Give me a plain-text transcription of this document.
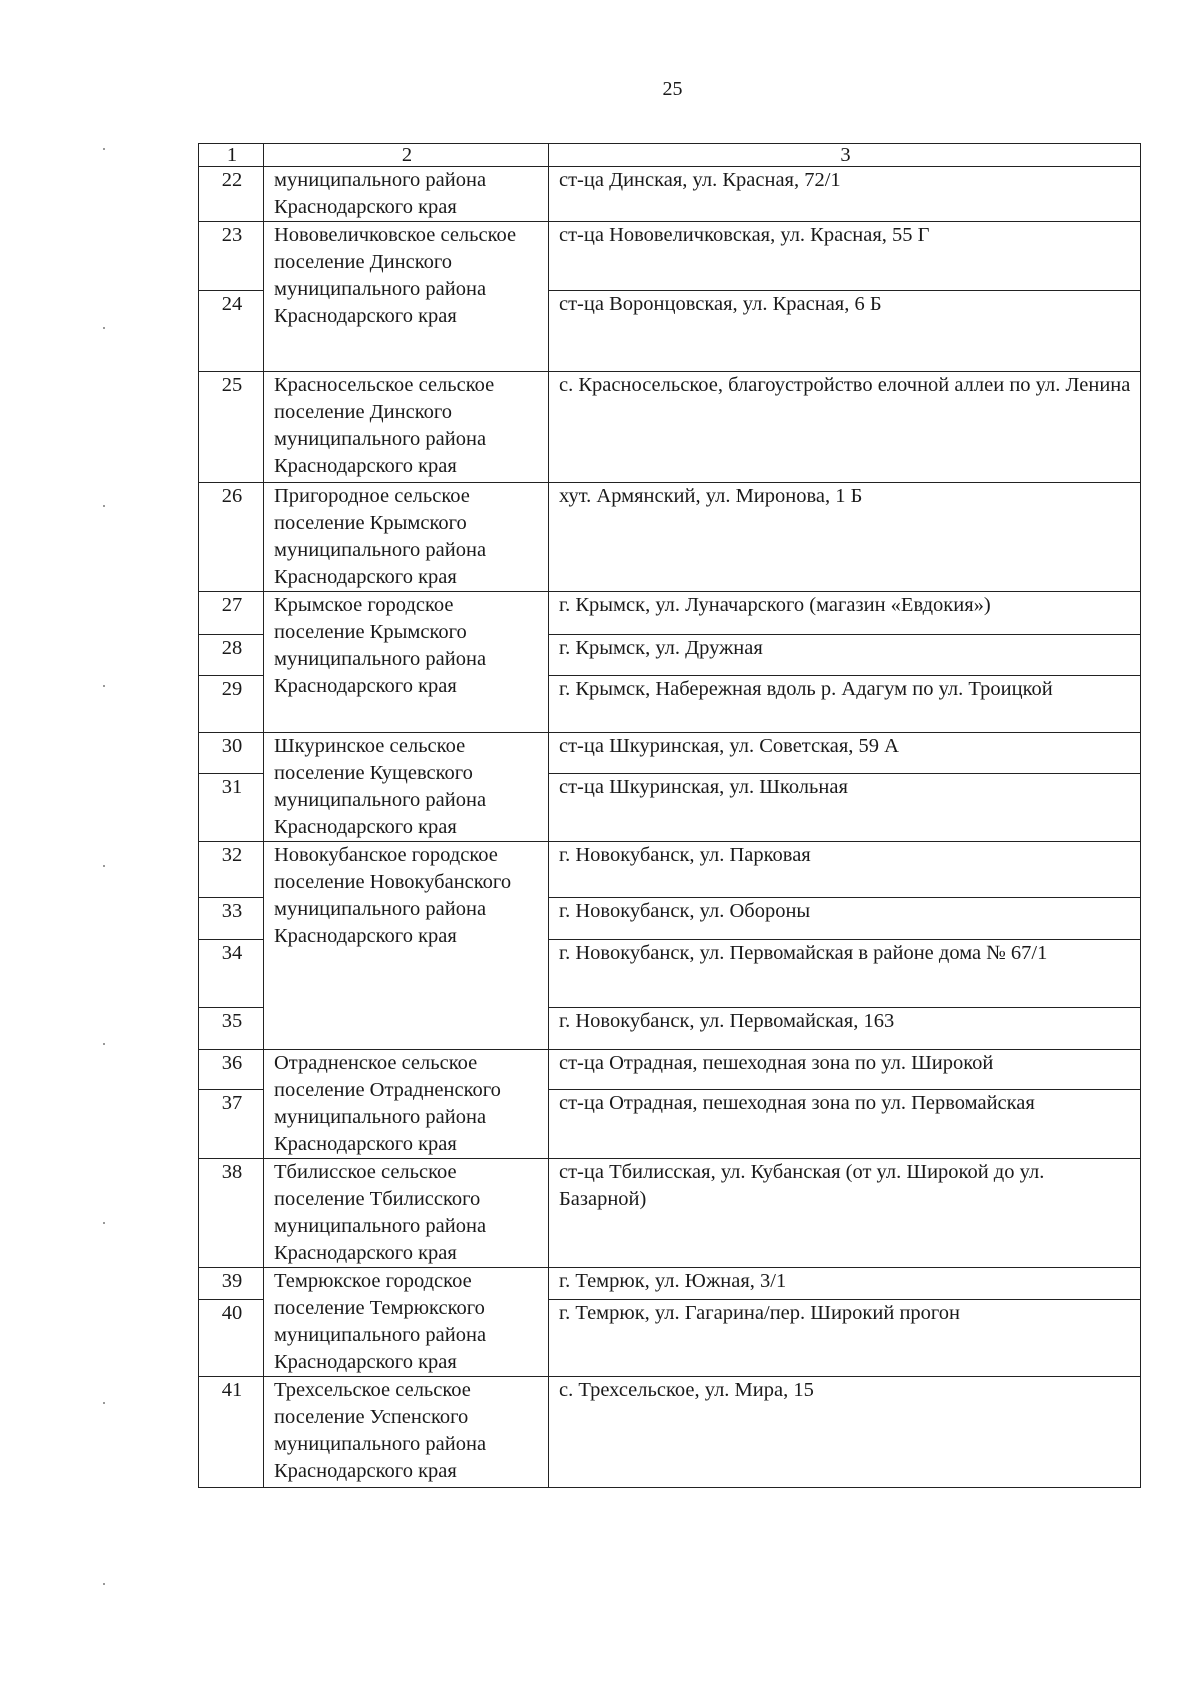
25
1	2	3
22	муниципального района Краснодарского края	ст-ца Динская, ул. Красная, 72/1
23	Нововеличковское сельское поселение Динского муниципального района Краснодарского края	ст-ца Нововеличковская, ул. Красная, 55 Г
24		ст-ца Воронцовская, ул. Красная, 6 Б
25	Красносельское сельское поселение Динского муниципального района Краснодарского края	с. Красносельское, благоустройство елочной аллеи по ул. Ленина
26	Пригородное сельское поселение Крымского муниципального района Краснодарского края	хут. Армянский, ул. Миронова, 1 Б
27	Крымское городское поселение Крымского муниципального района Краснодарского края	г. Крымск, ул. Луначарского (магазин «Евдокия»)
28		г. Крымск, ул. Дружная
29		г. Крымск, Набережная вдоль р. Адагум по ул. Троицкой
30	Шкуринское сельское поселение Кущевского муниципального района Краснодарского края	ст-ца Шкуринская, ул. Советская, 59 А
31		ст-ца Шкуринская, ул. Школьная
32	Новокубанское городское поселение Новокубанского муниципального района Краснодарского края	г. Новокубанск, ул. Парковая
33		г. Новокубанск, ул. Обороны
34		г. Новокубанск, ул. Первомайская в районе дома № 67/1
35		г. Новокубанск, ул. Первомайская, 163
36	Отрадненское сельское поселение Отрадненского муниципального района Краснодарского края	ст-ца Отрадная, пешеходная зона по ул. Широкой
37		ст-ца Отрадная, пешеходная зона по ул. Первомайская
38	Тбилисское сельское поселение Тбилисского муниципального района Краснодарского края	ст-ца Тбилисская, ул. Кубанская (от ул. Широкой до ул. Базарной)
39	Темрюкское городское поселение Темрюкского муниципального района Краснодарского края	г. Темрюк, ул. Южная, 3/1
40		г. Темрюк, ул. Гагарина/пер. Широкий прогон
41	Трехсельское сельское поселение Успенского муниципального района Краснодарского края	с. Трехсельское, ул. Мира, 15
